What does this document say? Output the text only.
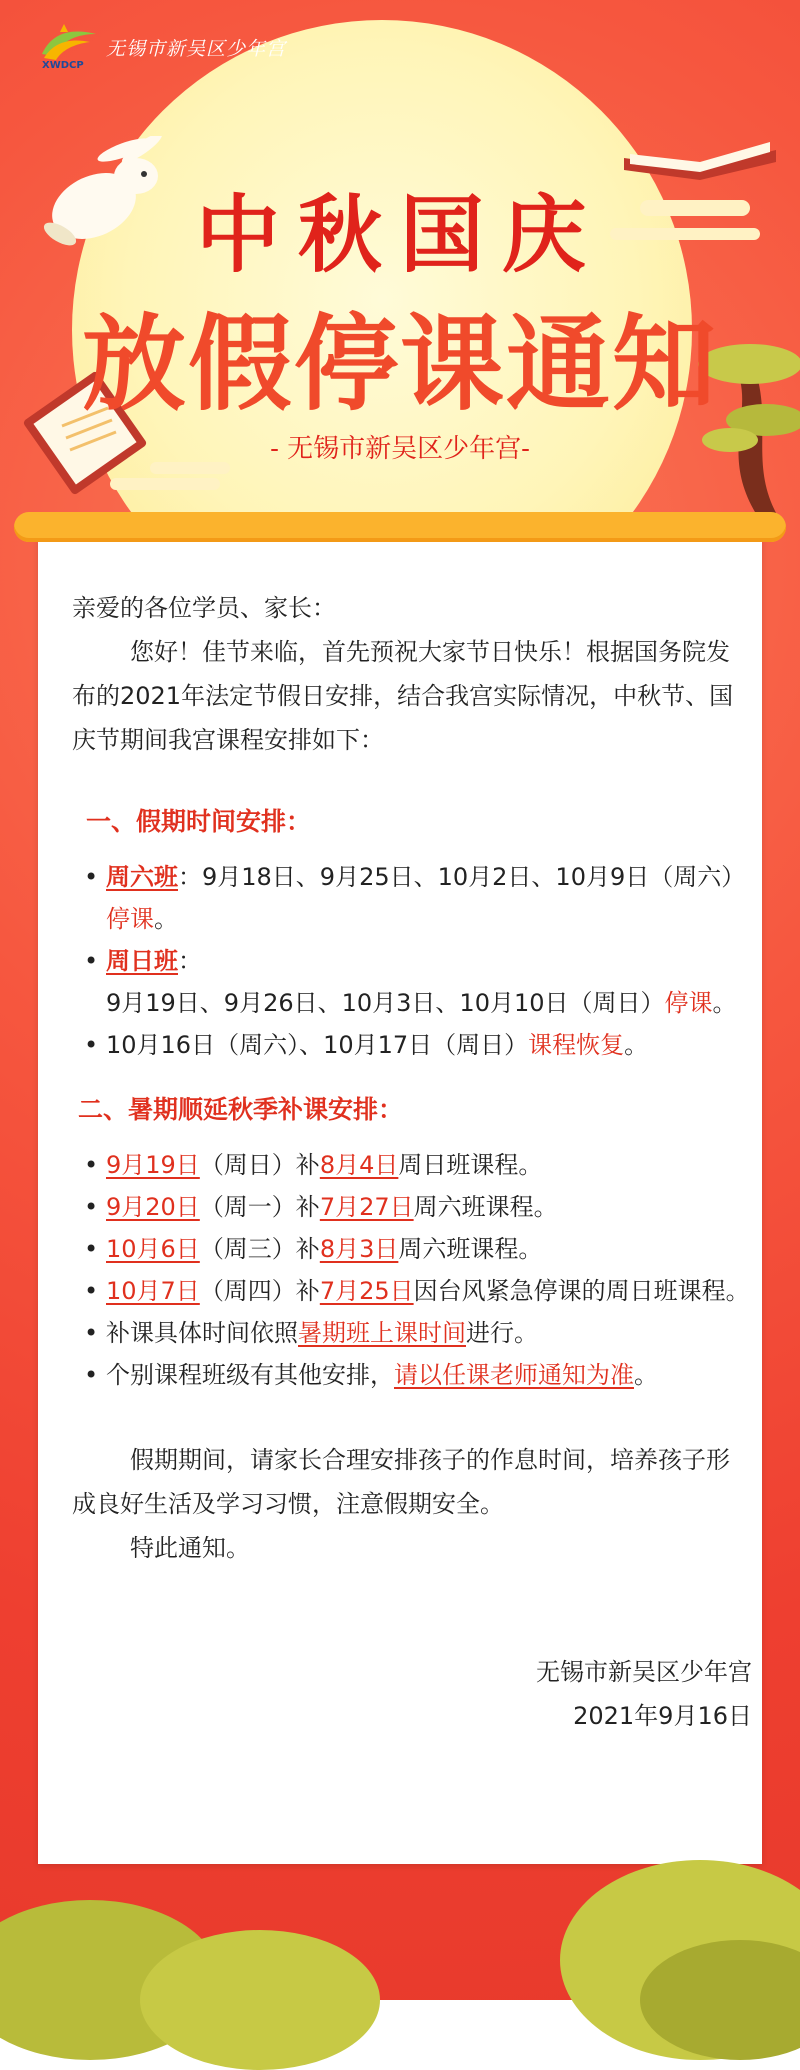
XWDCP
无锡市新吴区少年宫
中秋国庆
放假停课通知
- 无锡市新吴区少年宫-

亲爱的各位学员、家长：

您好！佳节来临，首先预祝大家节日快乐！根据国务院发布的2021年法定节假日安排，结合我宫实际情况，中秋节、国庆节期间我宫课程安排如下：

一、假期时间安排：

• 周六班：9月18日、9月25日、10月2日、10月9日（周六）停课。
• 周日班：9月19日、9月26日、10月3日、10月10日（周日）停课。
• 10月16日（周六）、10月17日（周日）课程恢复。

二、暑期顺延秋季补课安排：

• 9月19日（周日）补8月4日周日班课程。
• 9月20日（周一）补7月27日周六班课程。
• 10月6日（周三）补8月3日周六班课程。
• 10月7日（周四）补7月25日因台风紧急停课的周日班课程。
• 补课具体时间依照暑期班上课时间进行。
• 个别课程班级有其他安排，请以任课老师通知为准。

假期期间，请家长合理安排孩子的作息时间，培养孩子形成良好生活及学习习惯，注意假期安全。

特此通知。

无锡市新吴区少年宫

2021年9月16日
